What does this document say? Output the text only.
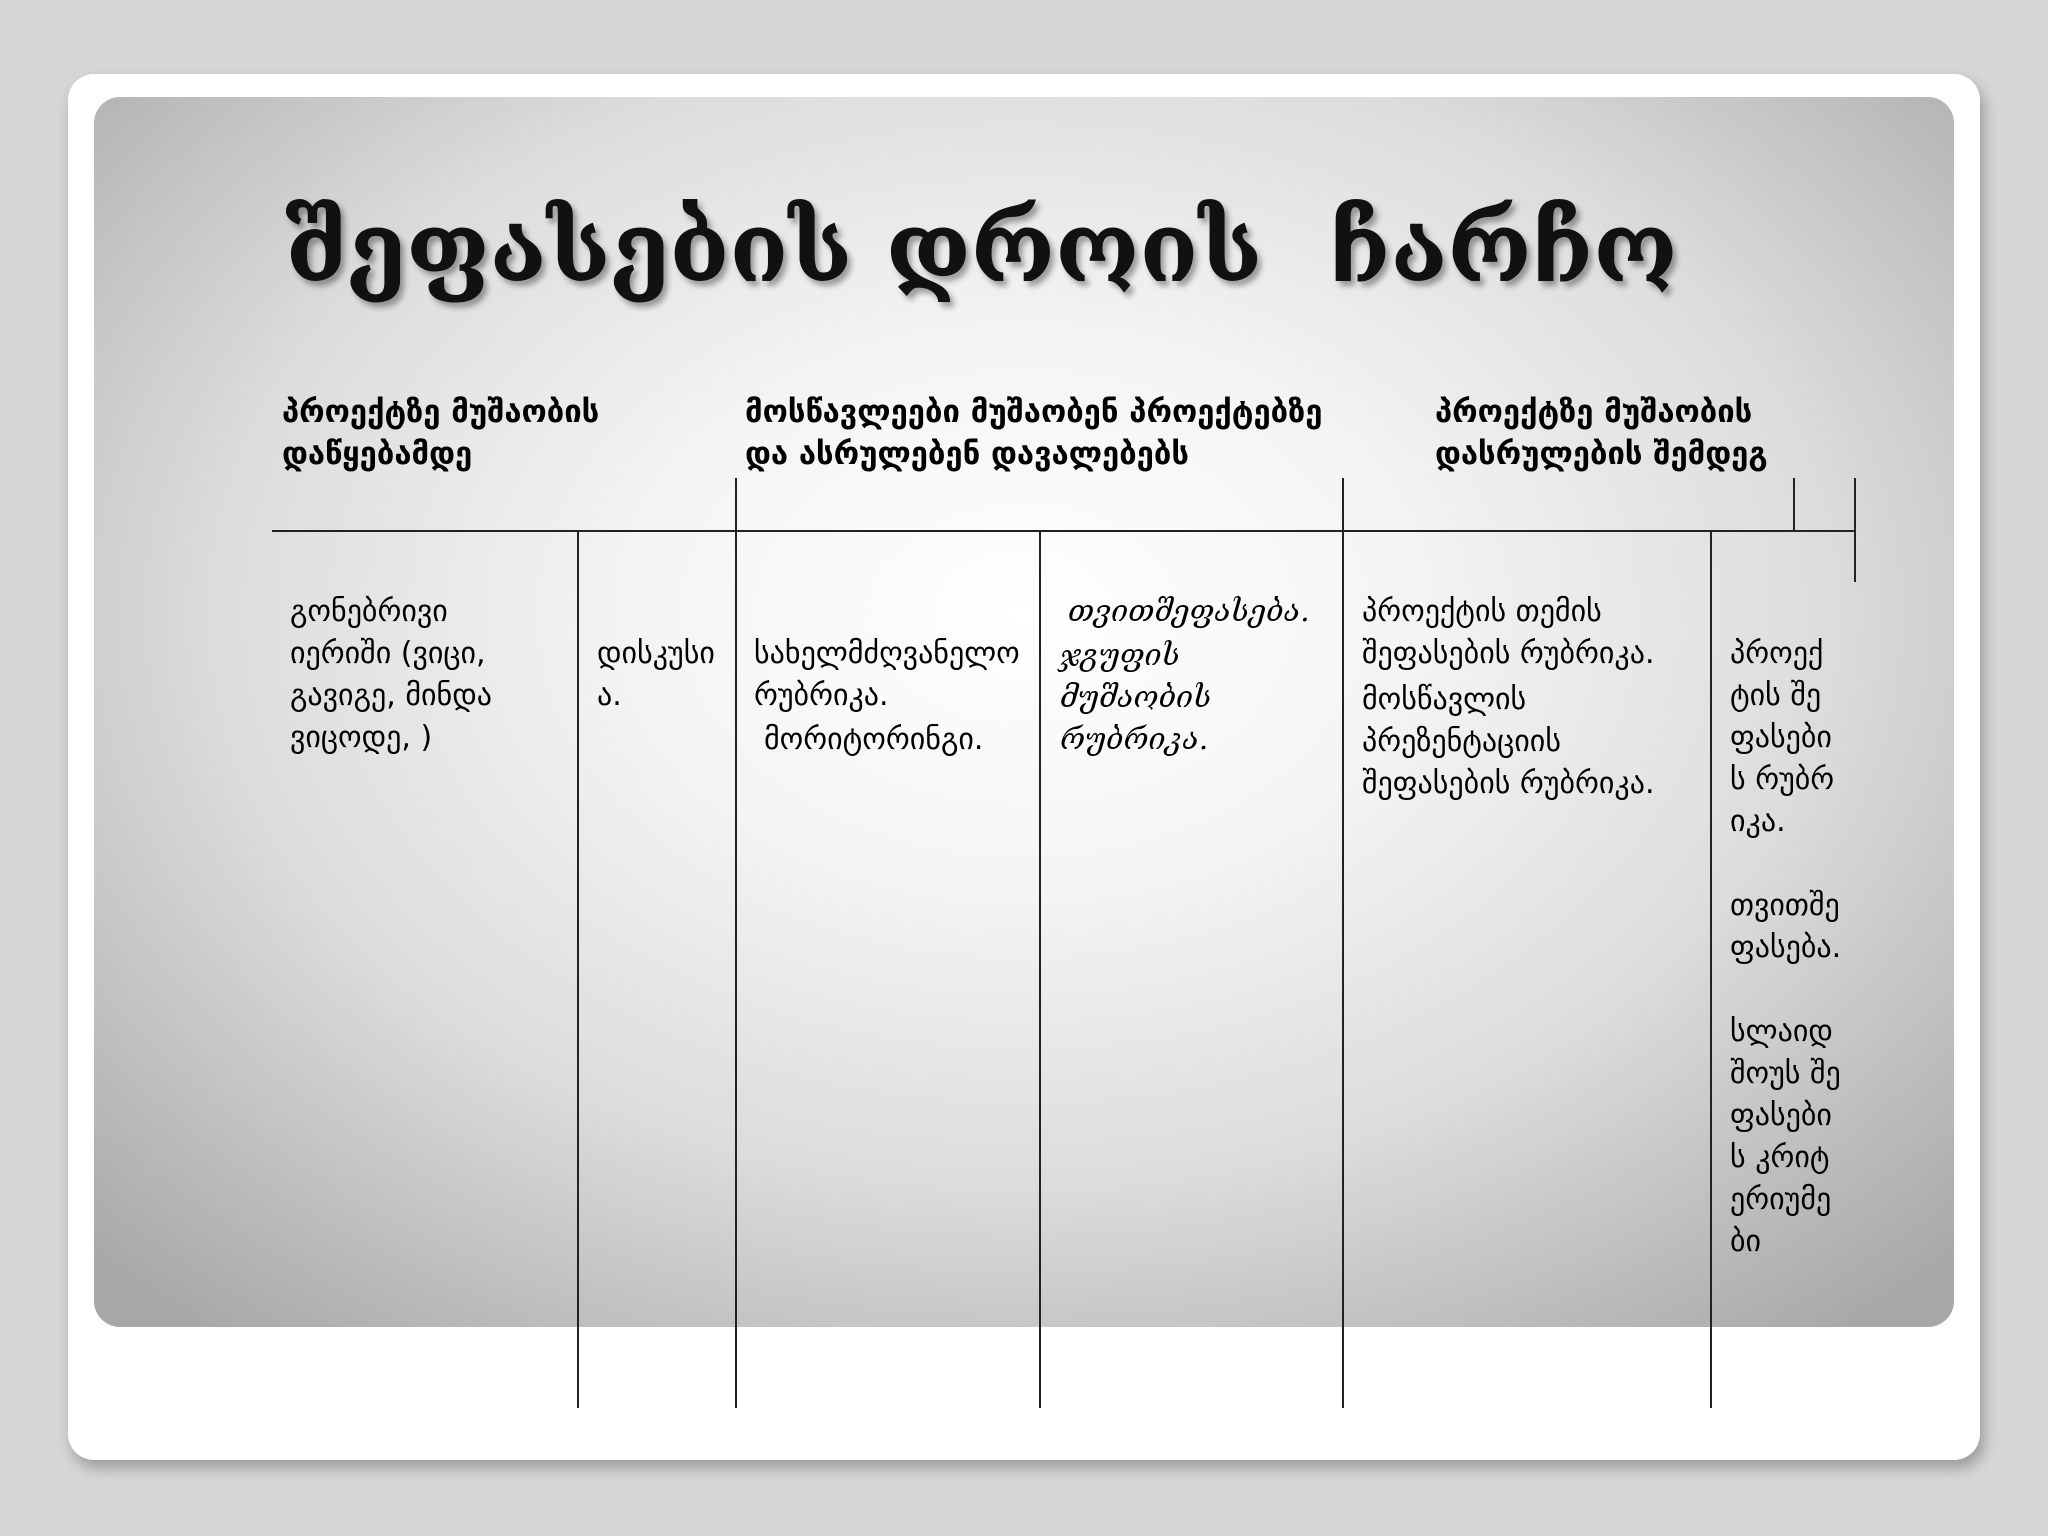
შეფასების დროის  ჩარჩო
პროექტზე მუშაობის დაწყებამდე
მოსწავლეები მუშაობენ პროექტებზე და ასრულებენ დავალებებს
პროექტზე მუშაობის დასრულების შემდეგ

გონებრივი იერიში (ვიცი, გავიგე, მინდა ვიცოდე, )

დისკუსია.

სახელმძღვანელო რუბრიკა.

მორიტორინგი.

თვითშეფასება.

ჯგუფის მუშაობის რუბრიკა.

პროექტის თემის შეფასების რუბრიკა.

მოსწავლის პრეზენტაციის შეფასების რუბრიკა.

პროექტის შეფასების რუბრიკა.

თვითშეფასება.

სლაიდ შოუს შეფასების კრიტერიუმები
